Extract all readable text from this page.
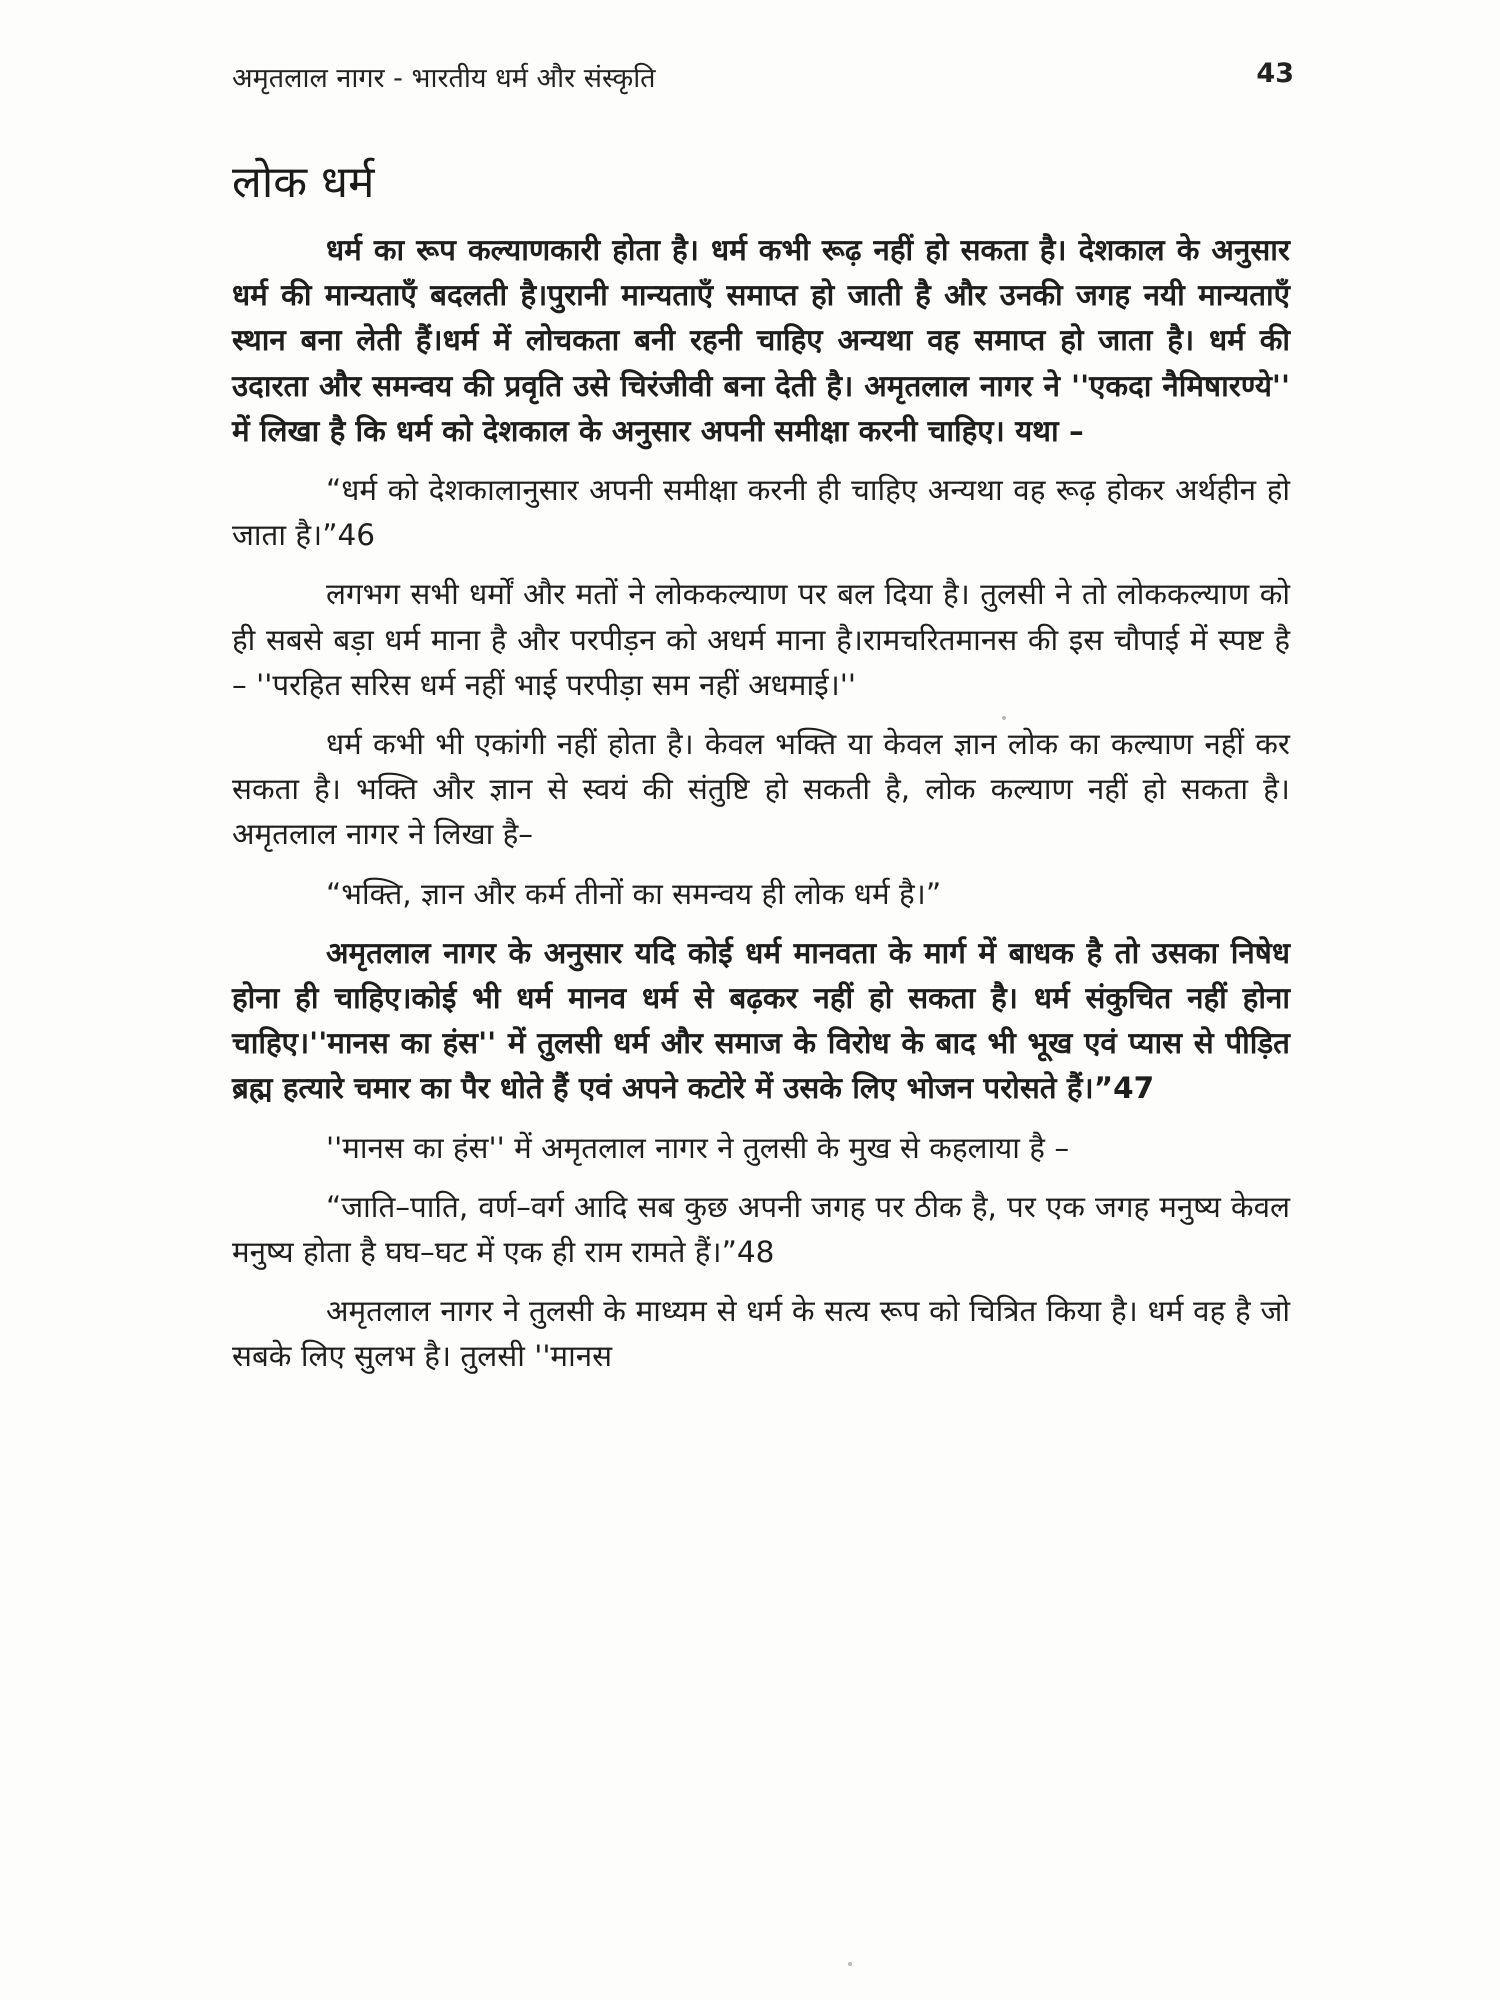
अमृतलाल नागर - भारतीय धर्म और संस्कृति	43
लोक धर्म

धर्म का रूप कल्याणकारी होता है। धर्म कभी रूढ़ नहीं हो सकता है। देशकाल के अनुसार धर्म की मान्यताएँ बदलती है।पुरानी मान्यताएँ समाप्त हो जाती है और उनकी जगह नयी मान्यताएँ स्थान बना लेती हैं।धर्म में लोचकता बनी रहनी चाहिए अन्यथा वह समाप्त हो जाता है। धर्म की उदारता और समन्वय की प्रवृति उसे चिरंजीवी बना देती है। अमृतलाल नागर ने ''एकदा नैमिषारण्ये'' में लिखा है कि धर्म को देशकाल के अनुसार अपनी समीक्षा करनी चाहिए। यथा –

“धर्म को देशकालानुसार अपनी समीक्षा करनी ही चाहिए अन्यथा वह रूढ़ होकर अर्थहीन हो जाता है।”46

लगभग सभी धर्मों और मतों ने लोककल्याण पर बल दिया है। तुलसी ने तो लोककल्याण को ही सबसे बड़ा धर्म माना है और परपीड़न को अधर्म माना है।रामचरितमानस की इस चौपाई में स्पष्ट है – ''परहित सरिस धर्म नहीं भाई परपीड़ा सम नहीं अधमाई।''

धर्म कभी भी एकांगी नहीं होता है। केवल भक्ति या केवल ज्ञान लोक का कल्याण नहीं कर सकता है। भक्ति और ज्ञान से स्वयं की संतुष्टि हो सकती है, लोक कल्याण नहीं हो सकता है। अमृतलाल नागर ने लिखा है–

“भक्ति, ज्ञान और कर्म तीनों का समन्वय ही लोक धर्म है।”

अमृतलाल नागर के अनुसार यदि कोई धर्म मानवता के मार्ग में बाधक है तो उसका निषेध होना ही चाहिए।कोई भी धर्म मानव धर्म से बढ़कर नहीं हो सकता है। धर्म संकुचित नहीं होना चाहिए।''मानस का हंस'' में तुलसी धर्म और समाज के विरोध के बाद भी भूख एवं प्यास से पीड़ित ब्रह्म हत्यारे चमार का पैर धोते हैं एवं अपने कटोरे में उसके लिए भोजन परोसते हैं।”47

''मानस का हंस'' में अमृतलाल नागर ने तुलसी के मुख से कहलाया है –

“जाति–पाति, वर्ण–वर्ग आदि सब कुछ अपनी जगह पर ठीक है, पर एक जगह मनुष्य केवल मनुष्य होता है घघ–घट में एक ही राम रामते हैं।”48

अमृतलाल नागर ने तुलसी के माध्यम से धर्म के सत्य रूप को चित्रित किया है। धर्म वह है जो सबके लिए सुलभ है। तुलसी ''मानस
